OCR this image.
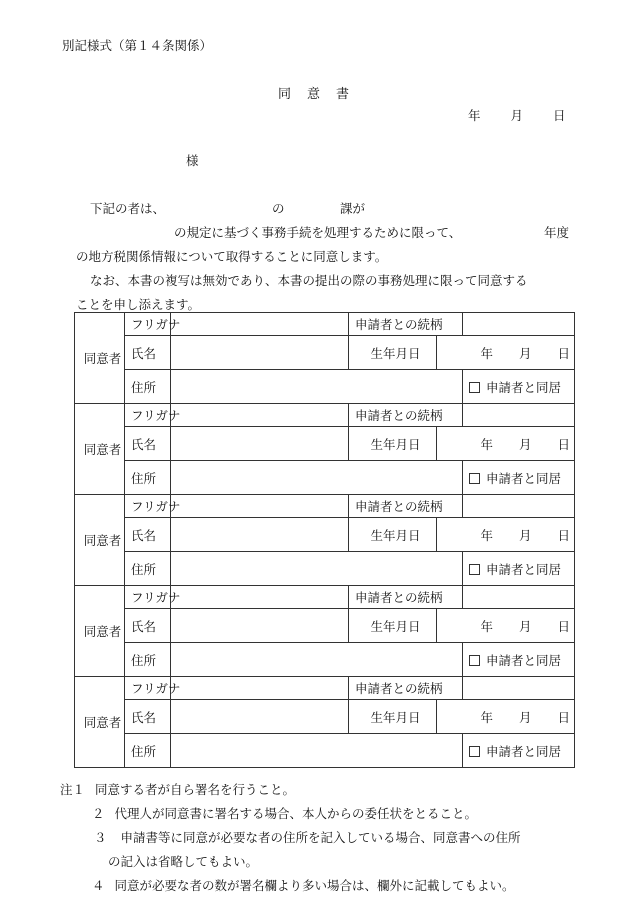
別記様式（第１４条関係）
同意書
年 月 日
様
下記の者は、	の	課が
の規定に基づく事務手続を処理するために限って、	年度
の地方税関係情報について取得することに同意します。
なお、本書の複写は無効であり、本書の提出の際の事務処理に限って同意する
ことを申し添えます。
同意者	フリガナ		申請者との続柄		
	氏名		生年月日	年 月 日	

	住所				申請者と同居
同意者	フリガナ		申請者との続柄		
	氏名		生年月日	年 月 日	

	住所				申請者と同居
同意者	フリガナ		申請者との続柄		
	氏名		生年月日	年 月 日	

	住所				申請者と同居
同意者	フリガナ		申請者との続柄		
	氏名		生年月日	年 月 日	

	住所				申請者と同居
同意者	フリガナ		申請者との続柄		
	氏名		生年月日	年 月 日	

	住所				申請者と同居
注１ 同意する者が自ら署名を行うこと。
２ 代理人が同意書に署名する場合、本人からの委任状をとること。
３ 申請書等に同意が必要な者の住所を記入している場合、同意書への住所
の記入は省略してもよい。
４ 同意が必要な者の数が署名欄より多い場合は、欄外に記載してもよい。
